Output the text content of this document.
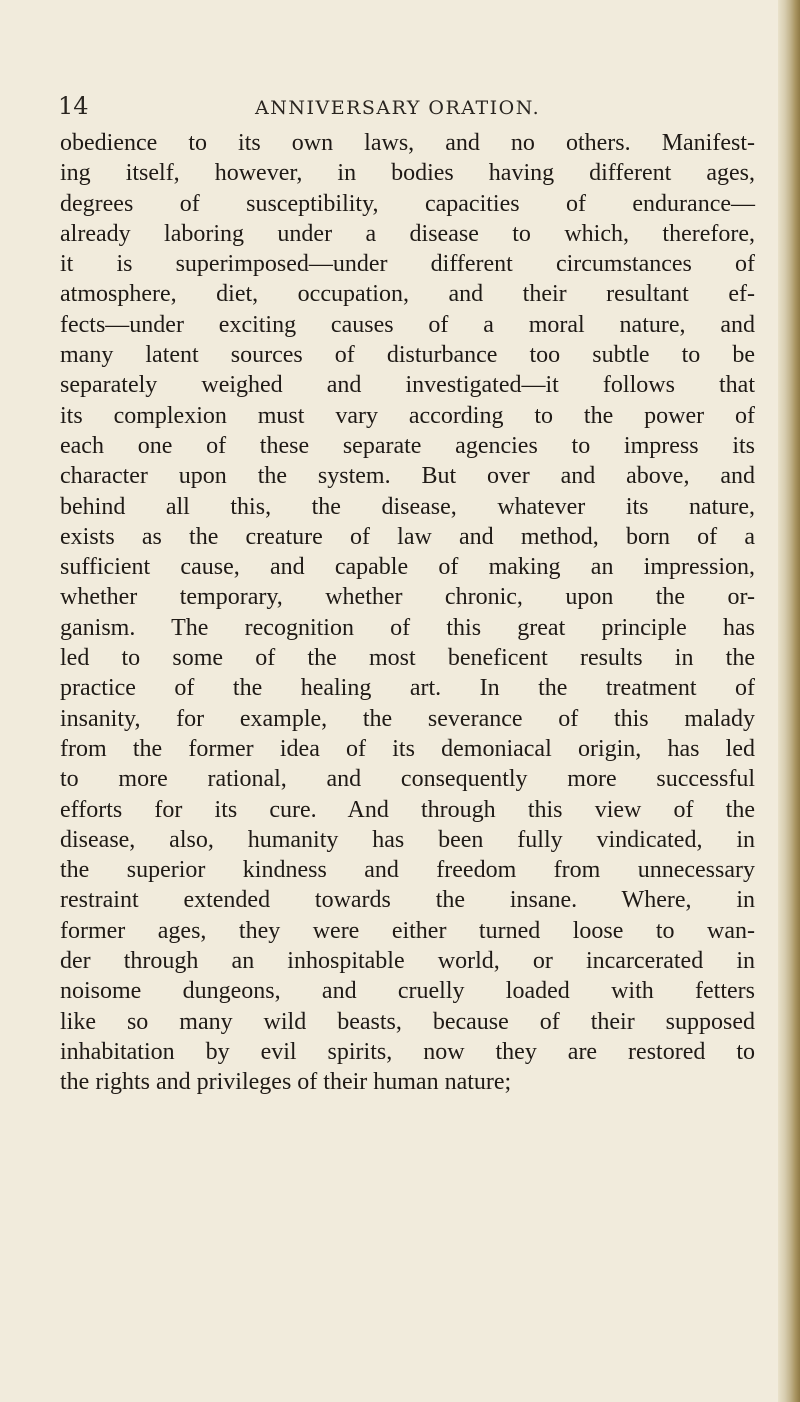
14	ANNIVERSARY ORATION.
obedience to its own laws, and no others. Manifest-
ing itself, however, in bodies having different ages,
degrees of susceptibility, capacities of endurance—
already laboring under a disease to which, therefore,
it is superimposed—under different circumstances of
atmosphere, diet, occupation, and their resultant ef-
fects—under exciting causes of a moral nature, and
many latent sources of disturbance too subtle to be
separately weighed and investigated—it follows that
its complexion must vary according to the power of
each one of these separate agencies to impress its
character upon the system. But over and above, and
behind all this, the disease, whatever its nature,
exists as the creature of law and method, born of a
sufficient cause, and capable of making an impression,
whether temporary, whether chronic, upon the or-
ganism. The recognition of this great principle has
led to some of the most beneficent results in the
practice of the healing art. In the treatment of
insanity, for example, the severance of this malady
from the former idea of its demoniacal origin, has led
to more rational, and consequently more successful
efforts for its cure. And through this view of the
disease, also, humanity has been fully vindicated, in
the superior kindness and freedom from unnecessary
restraint extended towards the insane. Where, in
former ages, they were either turned loose to wan-
der through an inhospitable world, or incarcerated in
noisome dungeons, and cruelly loaded with fetters
like so many wild beasts, because of their supposed
inhabitation by evil spirits, now they are restored to
the rights and privileges of their human nature;
